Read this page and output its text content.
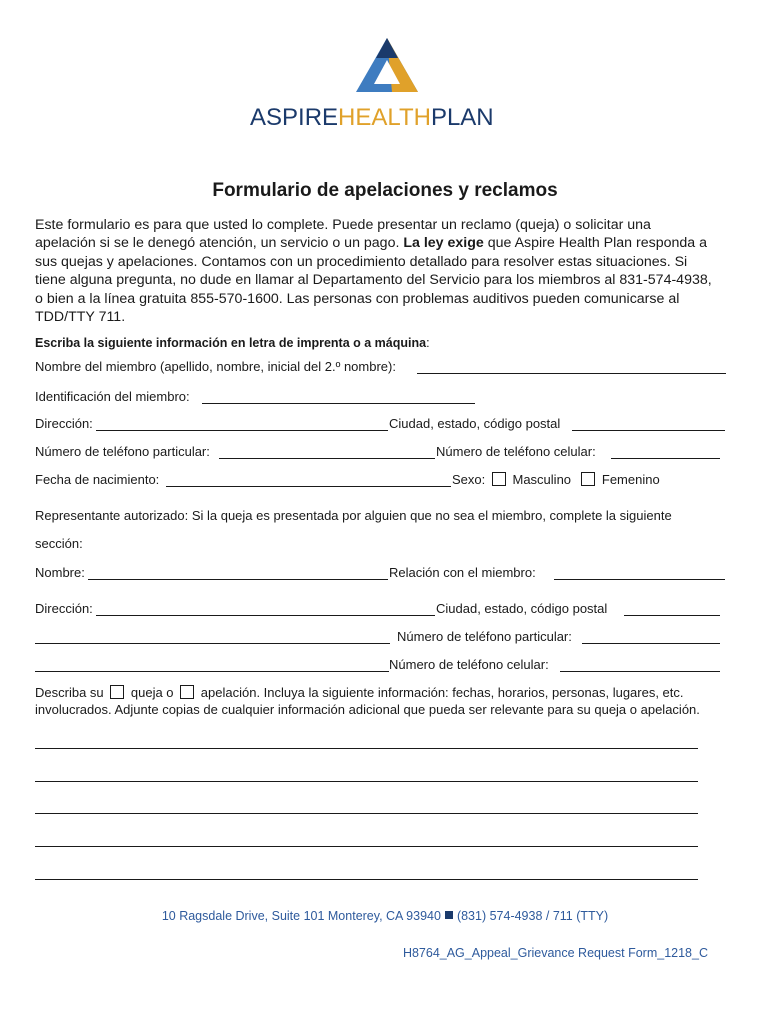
ASPIREHEALTHPLAN
Formulario de apelaciones y reclamos
Este formulario es para que usted lo complete. Puede presentar un reclamo (queja) o solicitar una apelación si se le denegó atención, un servicio o un pago. La ley exige que Aspire Health Plan responda a sus quejas y apelaciones. Contamos con un procedimiento detallado para resolver estas situaciones. Si tiene alguna pregunta, no dude en llamar al Departamento del Servicio para los miembros al 831-574-4938, o bien a la línea gratuita 855-570-1600. Las personas con problemas auditivos pueden comunicarse al TDD/TTY 711.
Escriba la siguiente información en letra de imprenta o a máquina:
Nombre del miembro (apellido, nombre, inicial del 2.º nombre):
Identificación del miembro:
Dirección:	Ciudad, estado, código postal
Número de teléfono particular:	Número de teléfono celular:
Fecha de nacimiento:	Sexo: Masculino Femenino
Representante autorizado: Si la queja es presentada por alguien que no sea el miembro, complete la siguiente
sección:
Nombre:	Relación con el miembro:
Dirección:	Ciudad, estado, código postal
Número de teléfono particular:
Número de teléfono celular:
Describa su queja o apelación. Incluya la siguiente información: fechas, horarios, personas, lugares, etc. involucrados. Adjunte copias de cualquier información adicional que pueda ser relevante para su queja o apelación.
10 Ragsdale Drive, Suite 101 Monterey, CA 93940 (831) 574-4938 / 711 (TTY)
H8764_AG_Appeal_Grievance Request Form_1218_C
